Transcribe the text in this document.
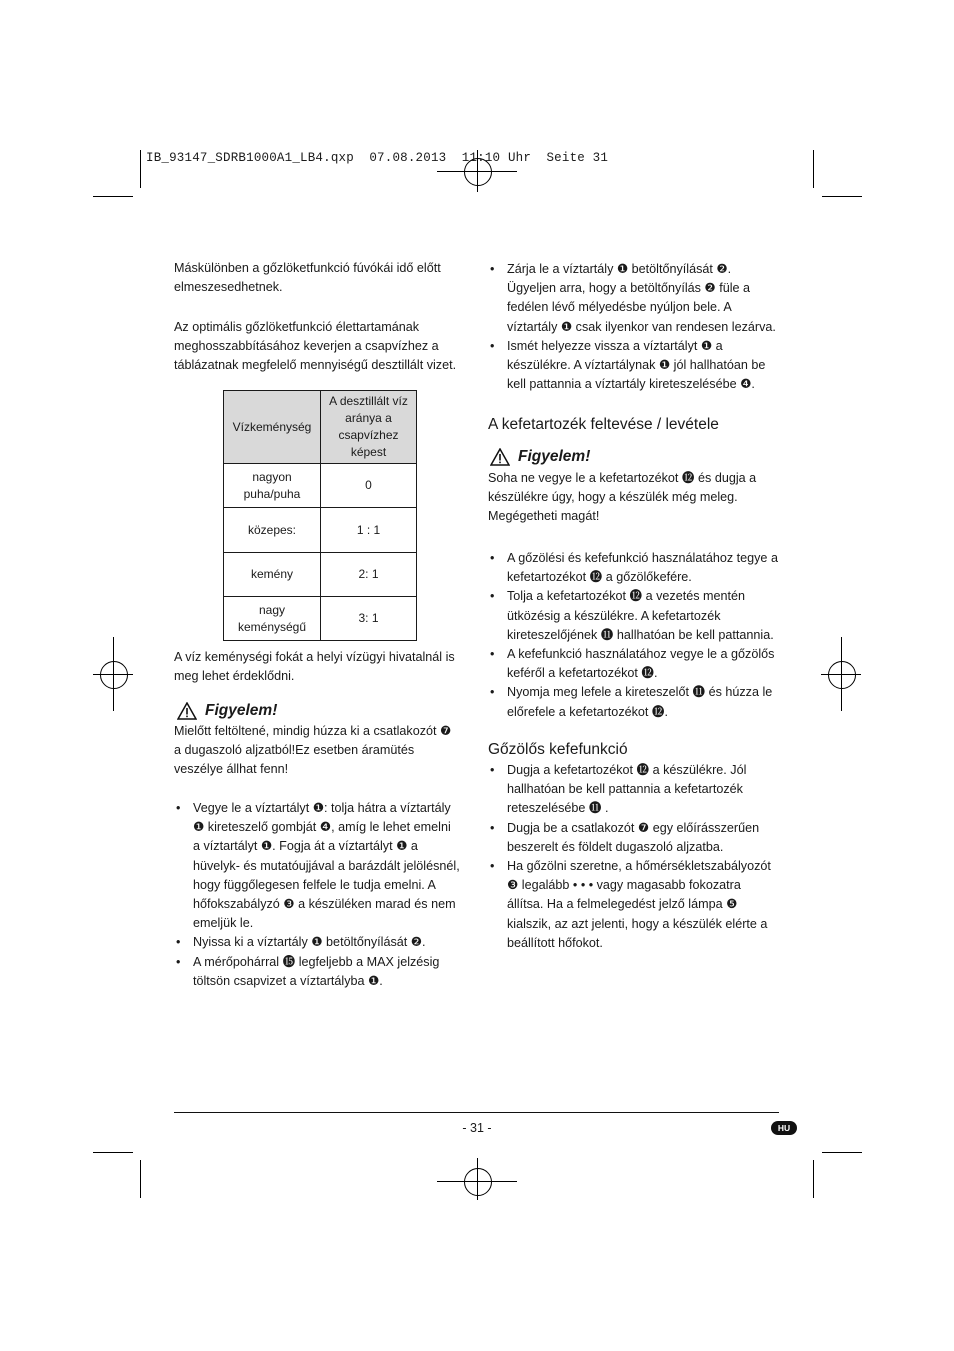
IB_93147_SDRB1000A1_LB4.qxp  07.08.2013  11:10 Uhr  Seite 31
Máskülönben a gőzlöketfunkció fúvókái idő előtt elmeszesedhetnek.
Az optimális gőzlöketfunkció élettartamának meghosszabbításához keverjen a csapvízhez a táblázatnak megfelelő mennyiségű desztillált vizet.
Vízkeménység	A desztillált víz aránya a csapvízhez képest
nagyon puha/puha	0
közepes:	1 : 1
kemény	2: 1
nagy keménységű	3: 1
A víz keménységi fokát a helyi vízügyi hivatalnál is meg lehet érdeklődni.
Figyelem!
Mielőtt feltöltené, mindig húzza ki a csatlakozót ❼ a dugaszoló aljzatból!Ez esetben áramütés veszélye állhat fenn!
• Vegye le a víztartályt ❶: tolja hátra a víztartály ❶ kireteszelő gombját ❹, amíg le lehet emelni a víztartályt ❶. Fogja át a víztartályt ❶ a hüvelyk- és mutatóujjával a barázdált jelölésnél, hogy függőlegesen felfele le tudja emelni. A hőfokszabályzó ❸ a készüléken marad és nem emeljük le.
• Nyissa ki a víztartály ❶ betöltőnyílását ❷.
• A mérőpohárral ⓯ legfeljebb a MAX jelzésig töltsön csapvizet a víztartályba ❶.
• Zárja le a víztartály ❶ betöltőnyílását ❷. Ügyeljen arra, hogy a betöltőnyílás ❷ füle a fedélen lévő mélyedésbe nyúljon bele. A víztartály ❶ csak ilyenkor van rendesen lezárva.
• Ismét helyezze vissza a víztartályt ❶ a készülékre. A víztartálynak ❶ jól hallhatóan be kell pattannia a víztartály kireteszelésébe ❹.
A kefetartozék feltevése / levétele
Figyelem!
Soha ne vegye le a kefetartozékot ⓬ és dugja a készülékre úgy, hogy a készülék még meleg. Megégetheti magát!
• A gőzölési és kefefunkció használatához tegye a kefetartozékot ⓬ a gőzölőkefére.
• Tolja a kefetartozékot ⓬ a vezetés mentén ütközésig a készülékre. A kefetartozék kireteszelőjének ⓫ hallhatóan be kell pattannia.
• A kefefunkció használatához vegye le a gőzölős keféről a kefetartozékot ⓬.
• Nyomja meg lefele a kireteszelőt ⓫ és húzza le előrefele a kefetartozékot ⓬.
Gőzölős kefefunkció
• Dugja a kefetartozékot ⓬ a készülékre. Jól hallhatóan be kell pattannia a kefetartozék reteszelésébe ⓫ .
• Dugja be a csatlakozót ❼ egy előírásszerűen beszerelt és földelt dugaszoló aljzatba.
• Ha gőzölni szeretne, a hőmérsékletszabályozót ❸ legalább • • • vagy magasabb fokozatra állítsa. Ha a felmelegedést jelző lámpa ❺ kialszik, az azt jelenti, hogy a készülék elérte a beállított hőfokot.
- 31 -	HU
